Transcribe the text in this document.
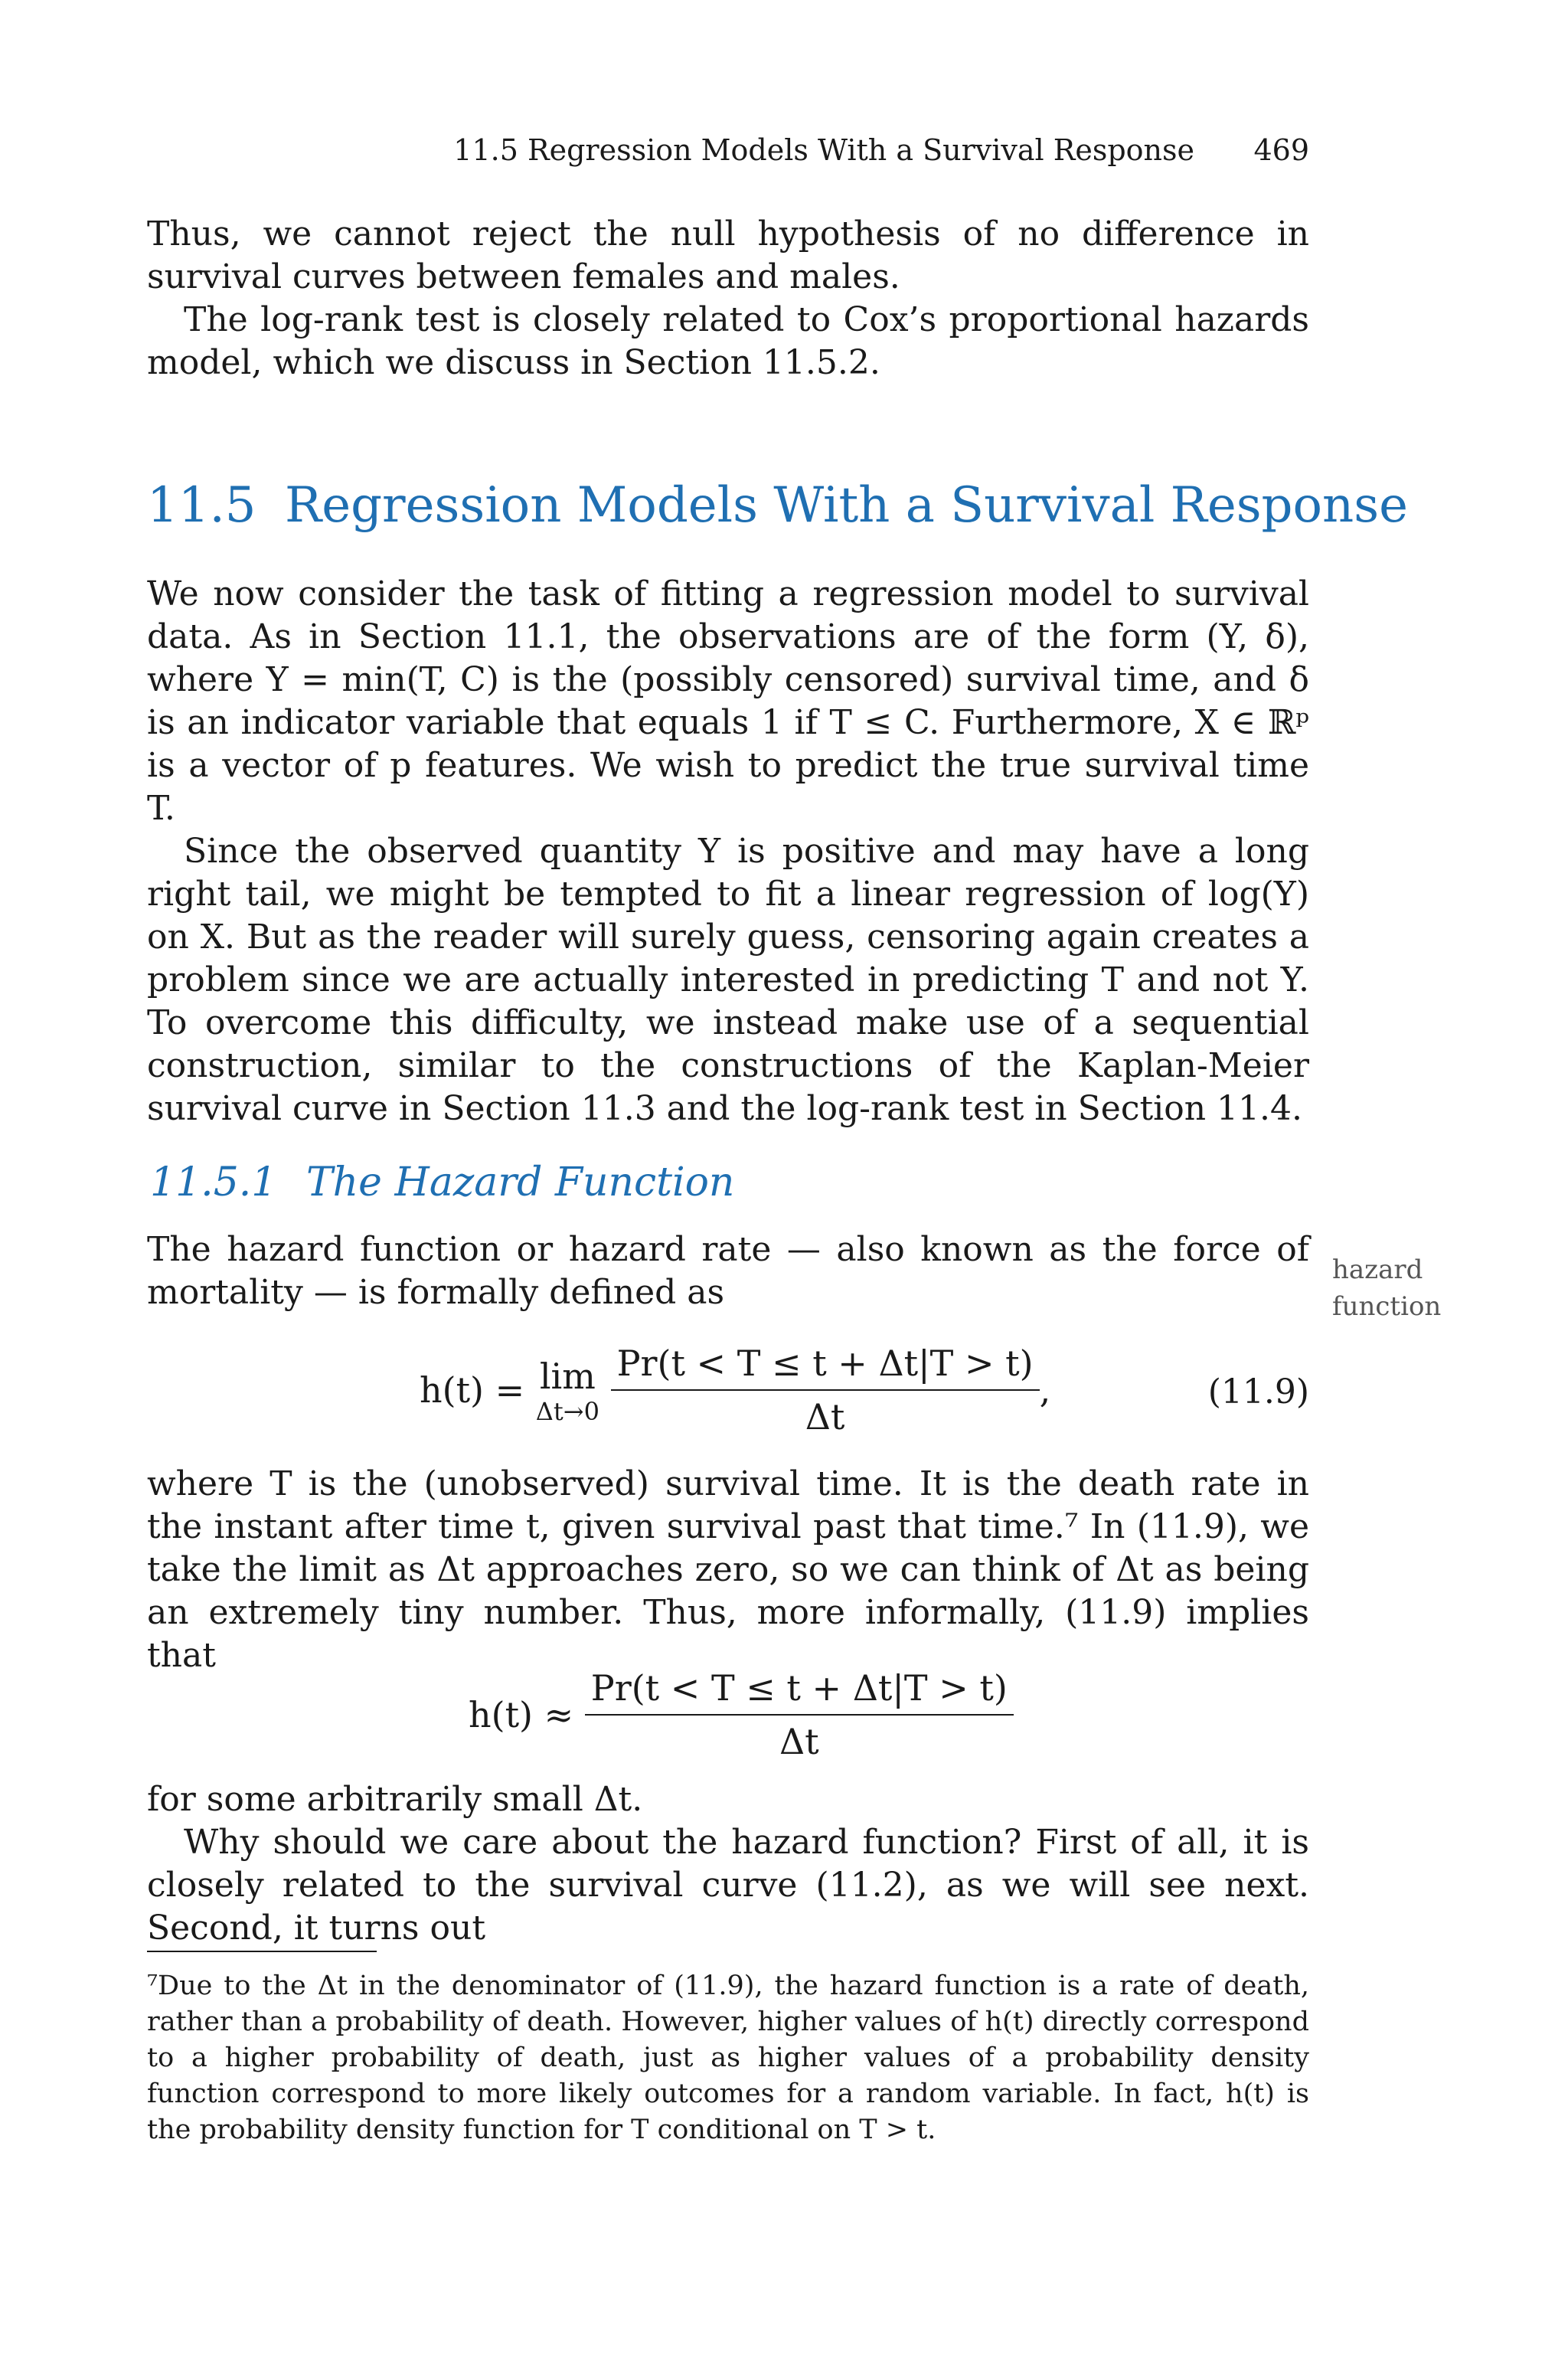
11.5 Regression Models With a Survival Response 469

Thus, we cannot reject the null hypothesis of no difference in survival curves between females and males.

The log-rank test is closely related to Cox’s proportional hazards model, which we discuss in Section 11.5.2.

11.5 Regression Models With a Survival Response

We now consider the task of fitting a regression model to survival data. As in Section 11.1, the observations are of the form (Y, δ), where Y = min(T, C) is the (possibly censored) survival time, and δ is an indicator variable that equals 1 if T ≤ C. Furthermore, X ∈ ℝᵖ is a vector of p features. We wish to predict the true survival time T.

Since the observed quantity Y is positive and may have a long right tail, we might be tempted to fit a linear regression of log(Y) on X. But as the reader will surely guess, censoring again creates a problem since we are actually interested in predicting T and not Y. To overcome this difficulty, we instead make use of a sequential construction, similar to the constructions of the Kaplan-Meier survival curve in Section 11.3 and the log-rank test in Section 11.4.

11.5.1 The Hazard Function

The hazard function or hazard rate — also known as the force of mortality — is formally defined as

hazard
function
h(t) = lim
Δt→0
$\frac{Pr(t < T \le t + \Delta t|T > t)}{\Delta t}$ ,	(11.9)

where T is the (unobserved) survival time. It is the death rate in the instant after time t, given survival past that time.⁷ In (11.9), we take the limit as Δt approaches zero, so we can think of Δt as being an extremely tiny number. Thus, more informally, (11.9) implies that

$h(t) \approx \frac{Pr(t < T \le t + \Delta t|T > t)}{\Delta t}$

for some arbitrarily small Δt.

Why should we care about the hazard function? First of all, it is closely related to the survival curve (11.2), as we will see next. Second, it turns out

⁷Due to the Δt in the denominator of (11.9), the hazard function is a rate of death, rather than a probability of death. However, higher values of h(t) directly correspond to a higher probability of death, just as higher values of a probability density function correspond to more likely outcomes for a random variable. In fact, h(t) is the probability density function for T conditional on T > t.
